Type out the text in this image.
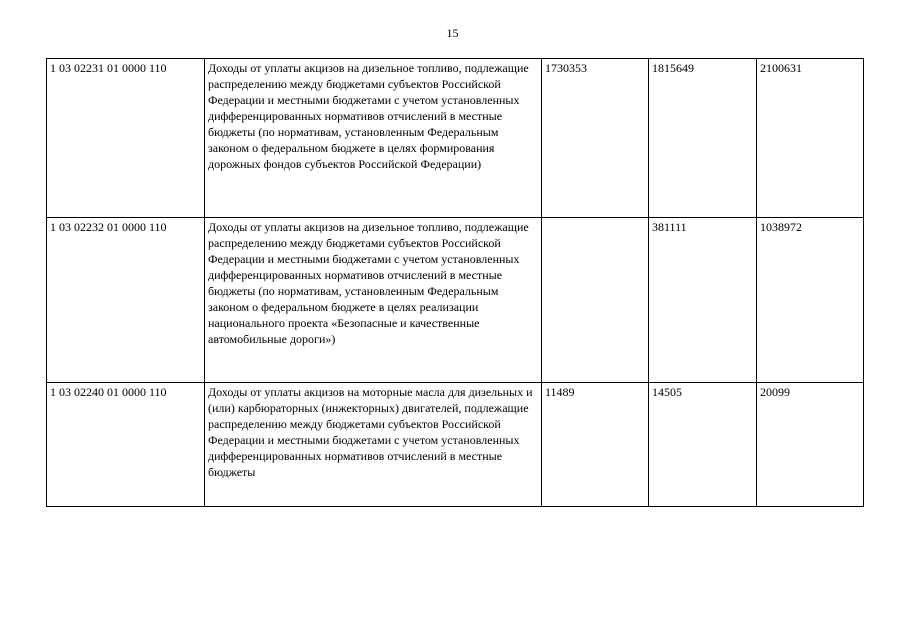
15
1 03 02231 01 0000 110	Доходы от уплаты акцизов на дизельное топливо, подлежащие распределению между бюджетами субъектов Российской Федерации и местными бюджетами с учетом установленных дифференцированных нормативов отчислений в местные бюджеты (по нормативам, установленным Федеральным законом о федеральном бюджете в целях формирования дорожных фондов субъектов Российской Федерации)	1730353	1815649	2100631
1 03 02232 01 0000 110	Доходы от уплаты акцизов на дизельное топливо, подлежащие распределению между бюджетами субъектов Российской Федерации и местными бюджетами с учетом установленных дифференцированных нормативов отчислений в местные бюджеты (по нормативам, установленным Федеральным законом о федеральном бюджете в целях реализации национального проекта «Безопасные и качественные автомобильные дороги»)		381111	1038972
1 03 02240 01 0000 110	Доходы от уплаты акцизов на моторные масла для дизельных и (или) карбюраторных (инжекторных) двигателей, подлежащие распределению между бюджетами субъектов Российской Федерации и местными бюджетами с учетом установленных дифференцированных нормативов отчислений в местные бюджеты	11489	14505	20099
